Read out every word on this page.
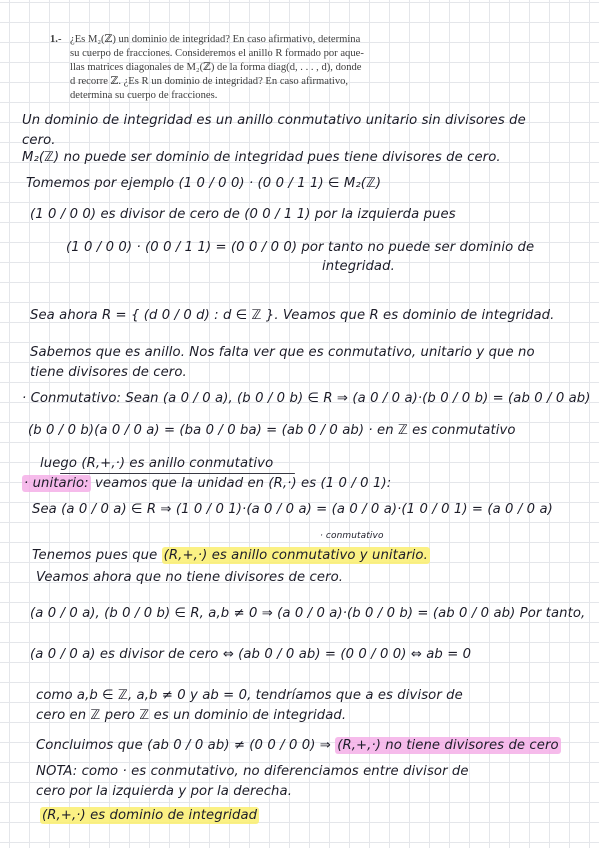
1.- ¿Es M₂(ℤ) un dominio de integridad? En caso afirmativo, determina
su cuerpo de fracciones. Consideremos el anillo R formado por aque-
llas matrices diagonales de M₂(ℤ) de la forma diag(d, . . . , d), donde
d recorre ℤ. ¿Es R un dominio de integridad? En caso afirmativo,
determina su cuerpo de fracciones.
Un dominio de integridad es un anillo conmutativo unitario sin divisores de
cero.
M₂(ℤ) no puede ser dominio de integridad pues tiene divisores de cero.
Tomemos por ejemplo (1 0 / 0 0) · (0 0 / 1 1) ∈ M₂(ℤ)
(1 0 / 0 0) es divisor de cero de (0 0 / 1 1) por la izquierda pues
(1 0 / 0 0) · (0 0 / 1 1) = (0 0 / 0 0) por tanto no puede ser dominio de
integridad.
Sea ahora R = { (d 0 / 0 d) : d ∈ ℤ }. Veamos que R es dominio de integridad.
Sabemos que es anillo. Nos falta ver que es conmutativo, unitario y que no
tiene divisores de cero.
· Conmutativo: Sean (a 0 / 0 a), (b 0 / 0 b) ∈ R ⇒ (a 0 / 0 a)·(b 0 / 0 b) = (ab 0 / 0 ab)
(b 0 / 0 b)(a 0 / 0 a) = (ba 0 / 0 ba) = (ab 0 / 0 ab) · en ℤ es conmutativo
luego (R,+,·) es anillo conmutativo
· unitario: veamos que la unidad en (R,·) es (1 0 / 0 1):
Sea (a 0 / 0 a) ∈ R ⇒ (1 0 / 0 1)·(a 0 / 0 a) = (a 0 / 0 a)·(1 0 / 0 1) = (a 0 / 0 a)
· conmutativo
Tenemos pues que (R,+,·) es anillo conmutativo y unitario.
Veamos ahora que no tiene divisores de cero.
(a 0 / 0 a), (b 0 / 0 b) ∈ R, a,b ≠ 0 ⇒ (a 0 / 0 a)·(b 0 / 0 b) = (ab 0 / 0 ab) Por tanto,
(a 0 / 0 a) es divisor de cero ⇔ (ab 0 / 0 ab) = (0 0 / 0 0) ⇔ ab = 0
como a,b ∈ ℤ, a,b ≠ 0 y ab = 0, tendríamos que a es divisor de
cero en ℤ pero ℤ es un dominio de integridad.
Concluimos que (ab 0 / 0 ab) ≠ (0 0 / 0 0) ⇒ (R,+,·) no tiene divisores de cero
NOTA: como · es conmutativo, no diferenciamos entre divisor de
cero por la izquierda y por la derecha.
(R,+,·) es dominio de integridad
